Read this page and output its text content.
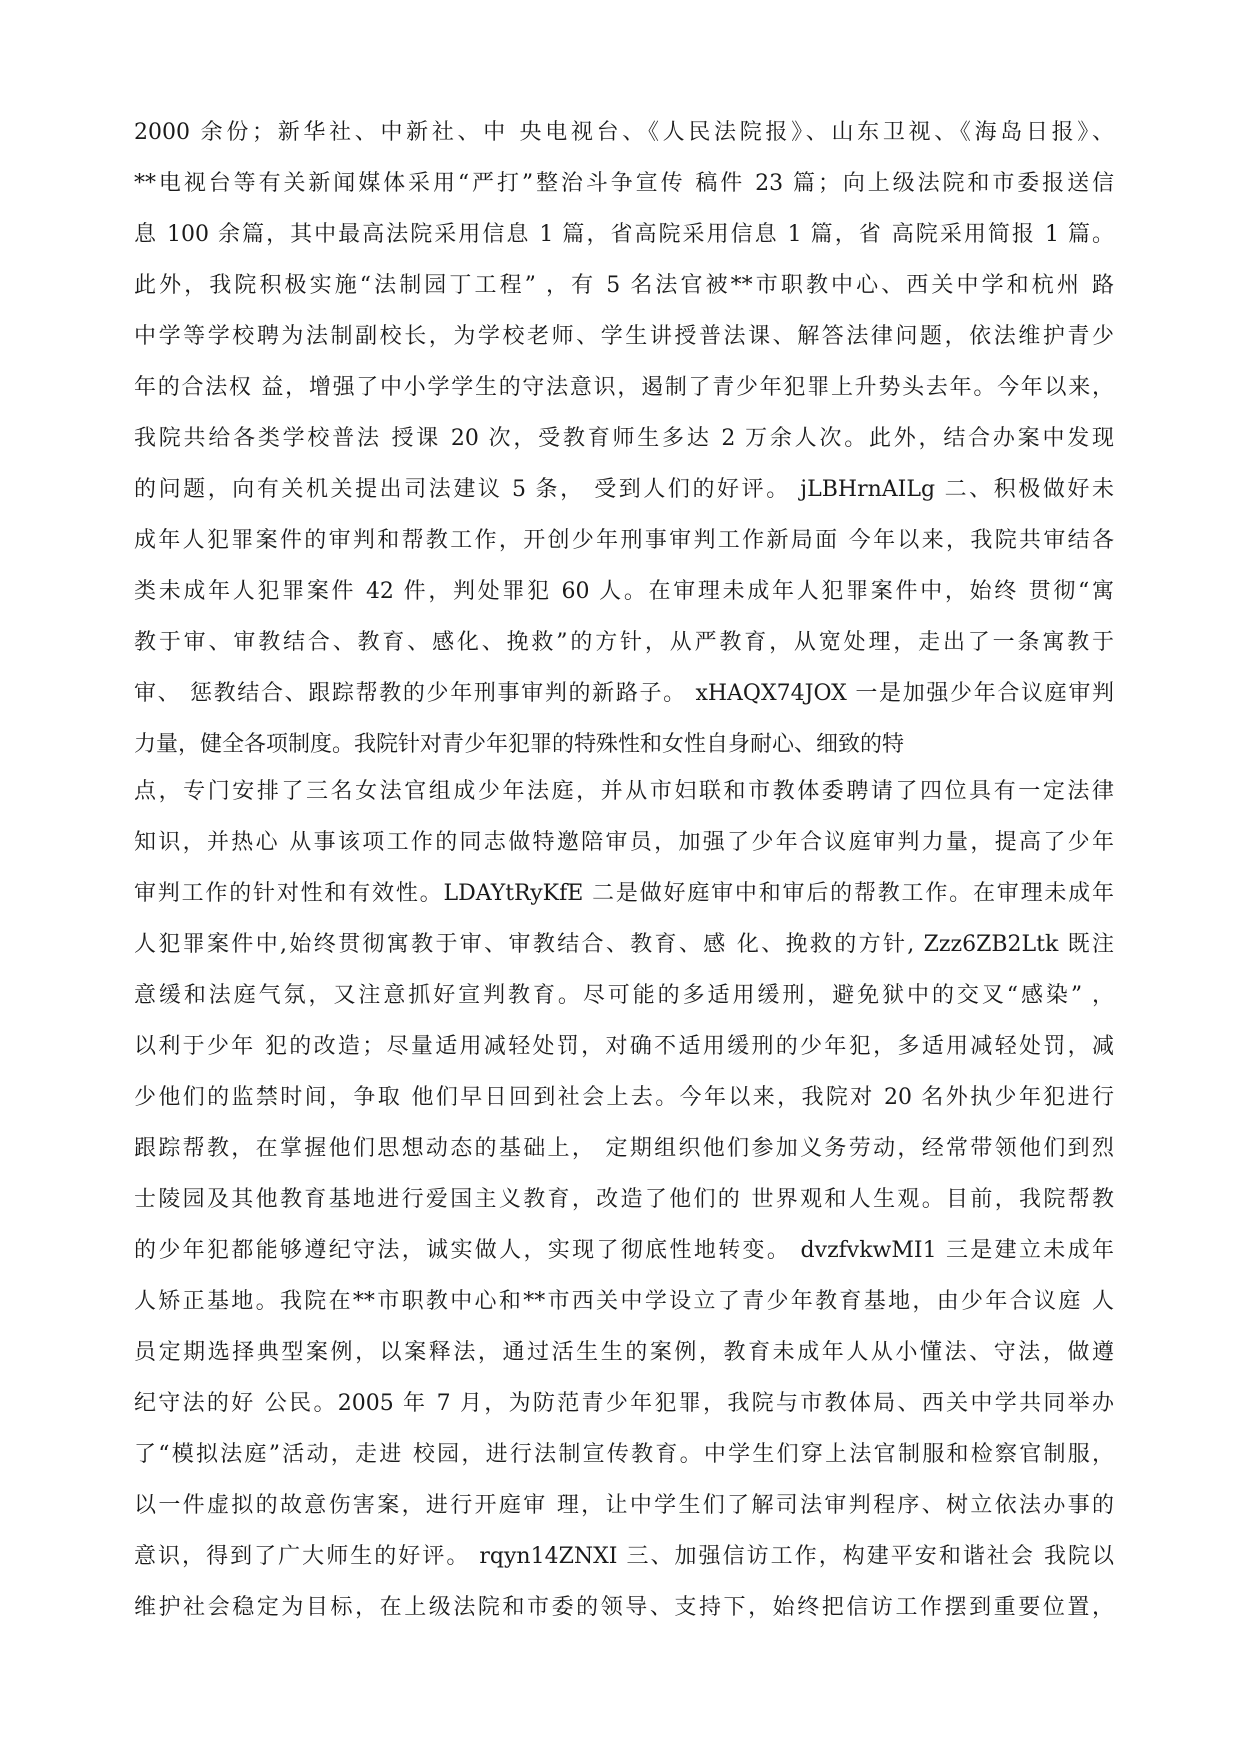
2000 余份；新华社、中新社、中 央电视台、《人民法院报》、山东卫视、《海岛日报》、
**电视台等有关新闻媒体采用“严打”整治斗争宣传 稿件 23 篇；向上级法院和市委报送信
息 100 余篇，其中最高法院采用信息 1 篇，省高院采用信息 1 篇，省 高院采用简报 1 篇。
此外，我院积极实施“法制园丁工程” ，有 5 名法官被**市职教中心、西关中学和杭州 路
中学等学校聘为法制副校长，为学校老师、学生讲授普法课、解答法律问题，依法维护青少
年的合法权 益，增强了中小学学生的守法意识，遏制了青少年犯罪上升势头去年。今年以来，
我院共给各类学校普法 授课 20 次，受教育师生多达 2 万余人次。此外，结合办案中发现
的问题，向有关机关提出司法建议 5 条， 受到人们的好评。 jLBHrnAILg 二、积极做好未
成年人犯罪案件的审判和帮教工作，开创少年刑事审判工作新局面 今年以来，我院共审结各
类未成年人犯罪案件 42 件，判处罪犯 60 人。在审理未成年人犯罪案件中，始终 贯彻“寓
教于审、审教结合、教育、感化、挽救”的方针，从严教育，从宽处理，走出了一条寓教于
审、 惩教结合、跟踪帮教的少年刑事审判的新路子。 xHAQX74JOX 一是加强少年合议庭审判
力量，健全各项制度。我院针对青少年犯罪的特殊性和女性自身耐心、细致的特
点，专门安排了三名女法官组成少年法庭，并从市妇联和市教体委聘请了四位具有一定法律
知识，并热心 从事该项工作的同志做特邀陪审员，加强了少年合议庭审判力量，提高了少年
审判工作的针对性和有效性。LDAYtRyKfE 二是做好庭审中和审后的帮教工作。在审理未成年
人犯罪案件中,始终贯彻寓教于审、审教结合、教育、感 化、挽救的方针, Zzz6ZB2Ltk 既注
意缓和法庭气氛，又注意抓好宣判教育。尽可能的多适用缓刑，避免狱中的交叉“感染” ，
以利于少年 犯的改造；尽量适用减轻处罚，对确不适用缓刑的少年犯，多适用减轻处罚，减
少他们的监禁时间，争取 他们早日回到社会上去。今年以来，我院对 20 名外执少年犯进行
跟踪帮教，在掌握他们思想动态的基础上， 定期组织他们参加义务劳动，经常带领他们到烈
士陵园及其他教育基地进行爱国主义教育，改造了他们的 世界观和人生观。目前，我院帮教
的少年犯都能够遵纪守法，诚实做人，实现了彻底性地转变。 dvzfvkwMI1 三是建立未成年
人矫正基地。我院在**市职教中心和**市西关中学设立了青少年教育基地，由少年合议庭 人
员定期选择典型案例，以案释法，通过活生生的案例，教育未成年人从小懂法、守法，做遵
纪守法的好 公民。2005 年 7 月，为防范青少年犯罪，我院与市教体局、西关中学共同举办
了“模拟法庭”活动，走进 校园，进行法制宣传教育。中学生们穿上法官制服和检察官制服，
以一件虚拟的故意伤害案，进行开庭审 理，让中学生们了解司法审判程序、树立依法办事的
意识，得到了广大师生的好评。 rqyn14ZNXI 三、加强信访工作，构建平安和谐社会 我院以
维护社会稳定为目标，在上级法院和市委的领导、支持下，始终把信访工作摆到重要位置，
